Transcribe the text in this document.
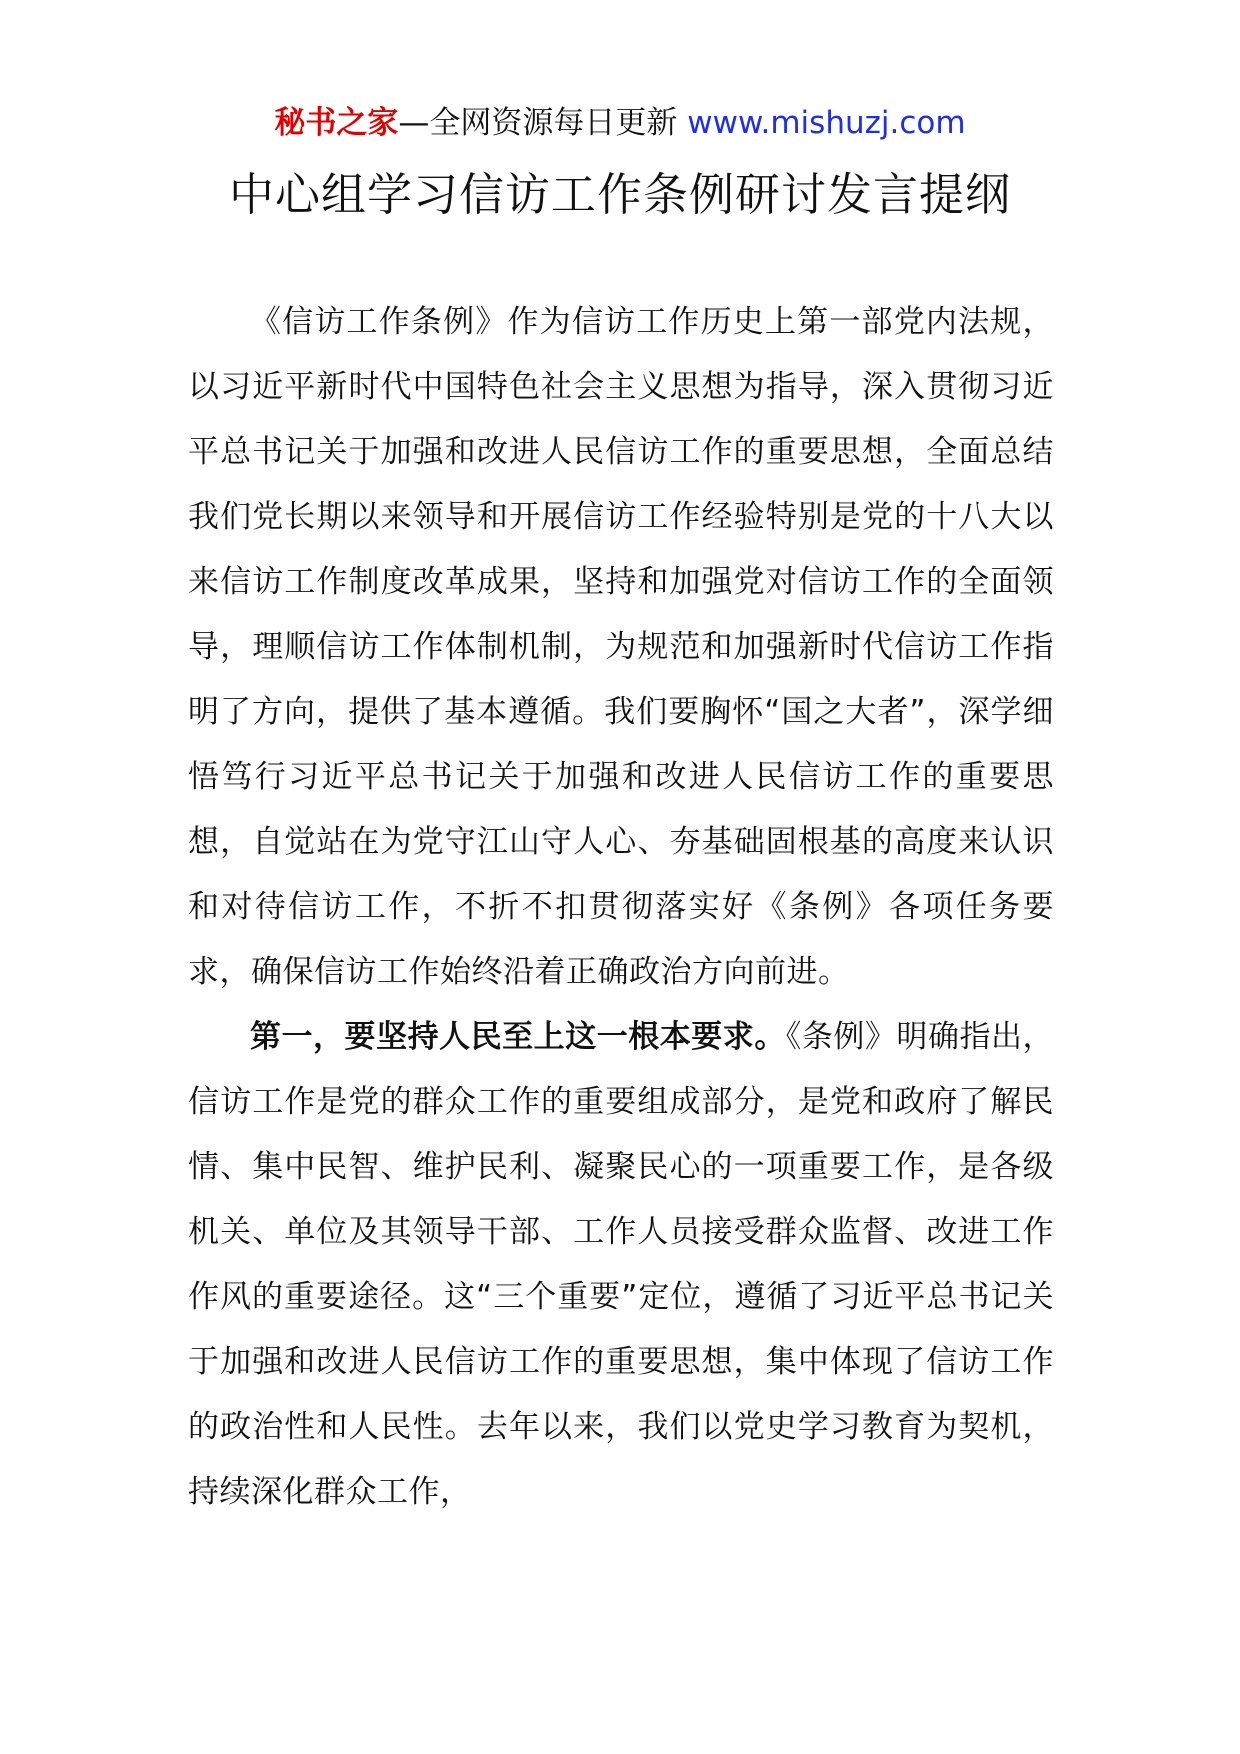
秘书之家—全网资源每日更新 www.mishuzj.com
中心组学习信访工作条例研讨发言提纲

《信访工作条例》作为信访工作历史上第一部党内法规，以习近平新时代中国特色社会主义思想为指导，深入贯彻习近平总书记关于加强和改进人民信访工作的重要思想，全面总结我们党长期以来领导和开展信访工作经验特别是党的十八大以来信访工作制度改革成果，坚持和加强党对信访工作的全面领导，理顺信访工作体制机制，为规范和加强新时代信访工作指明了方向，提供了基本遵循。我们要胸怀“国之大者”，深学细悟笃行习近平总书记关于加强和改进人民信访工作的重要思想，自觉站在为党守江山守人心、夯基础固根基的高度来认识和对待信访工作，不折不扣贯彻落实好《条例》各项任务要求，确保信访工作始终沿着正确政治方向前进。

第一，要坚持人民至上这一根本要求。《条例》明确指出，信访工作是党的群众工作的重要组成部分，是党和政府了解民情、集中民智、维护民利、凝聚民心的一项重要工作，是各级机关、单位及其领导干部、工作人员接受群众监督、改进工作作风的重要途径。这“三个重要”定位，遵循了习近平总书记关于加强和改进人民信访工作的重要思想，集中体现了信访工作的政治性和人民性。去年以来，我们以党史学习教育为契机，持续深化群众工作，
